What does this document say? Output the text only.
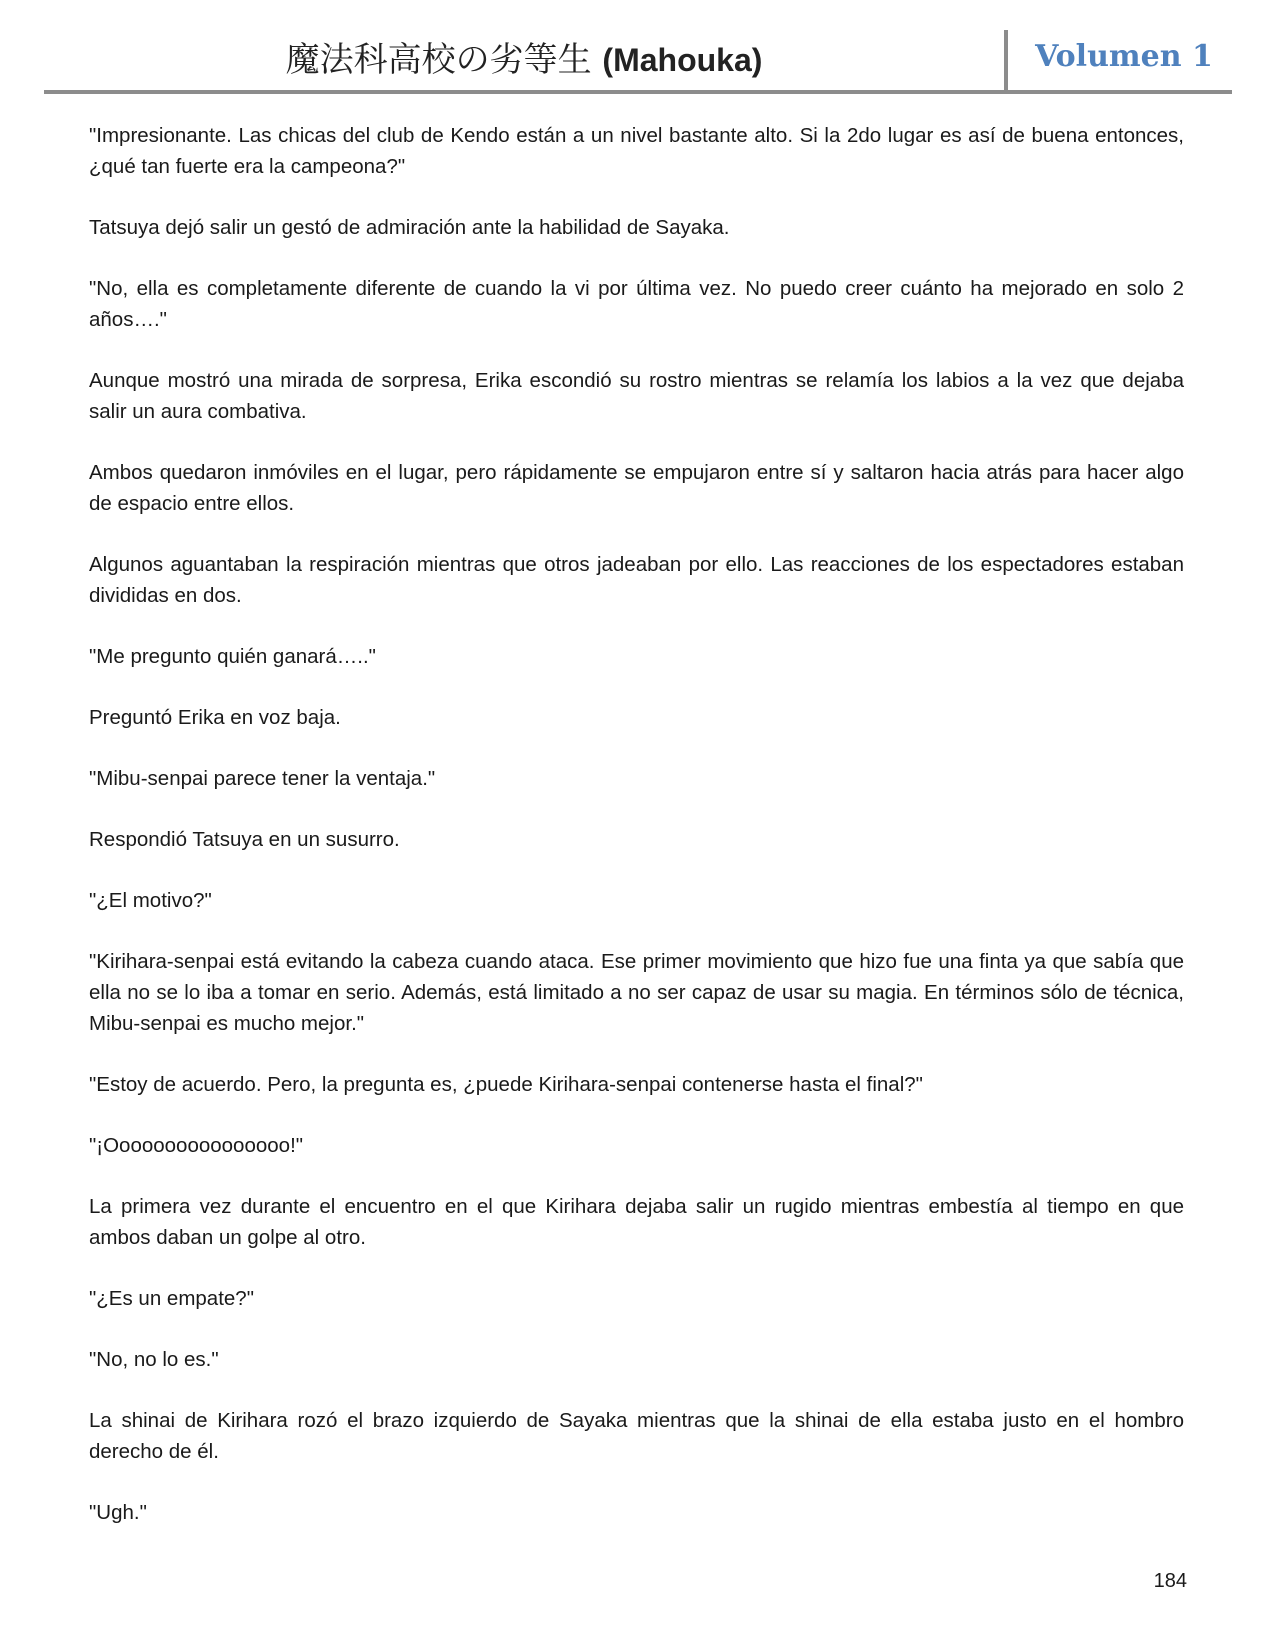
魔法科高校の劣等生 (Mahouka)	Volumen 1

"Impresionante. Las chicas del club de Kendo están a un nivel bastante alto. Si la 2do lugar es así de buena entonces, ¿qué tan fuerte era la campeona?"

Tatsuya dejó salir un gestó de admiración ante la habilidad de Sayaka.

"No, ella es completamente diferente de cuando la vi por última vez. No puedo creer cuánto ha mejorado en solo 2 años…."

Aunque mostró una mirada de sorpresa, Erika escondió su rostro mientras se relamía los labios a la vez que dejaba salir un aura combativa.

Ambos quedaron inmóviles en el lugar, pero rápidamente se empujaron entre sí y saltaron hacia atrás para hacer algo de espacio entre ellos.

Algunos aguantaban la respiración mientras que otros jadeaban por ello. Las reacciones de los espectadores estaban divididas en dos.

"Me pregunto quién ganará….."

Preguntó Erika en voz baja.

"Mibu-senpai parece tener la ventaja."

Respondió Tatsuya en un susurro.

"¿El motivo?"

"Kirihara-senpai está evitando la cabeza cuando ataca. Ese primer movimiento que hizo fue una finta ya que sabía que ella no se lo iba a tomar en serio. Además, está limitado a no ser capaz de usar su magia. En términos sólo de técnica, Mibu-senpai es mucho mejor."

"Estoy de acuerdo. Pero, la pregunta es, ¿puede Kirihara-senpai contenerse hasta el final?"

"¡Oooooooooooooooo!"

La primera vez durante el encuentro en el que Kirihara dejaba salir un rugido mientras embestía al tiempo en que ambos daban un golpe al otro.

"¿Es un empate?"

"No, no lo es."

La shinai de Kirihara rozó el brazo izquierdo de Sayaka mientras que la shinai de ella estaba justo en el hombro derecho de él.

"Ugh."

184
